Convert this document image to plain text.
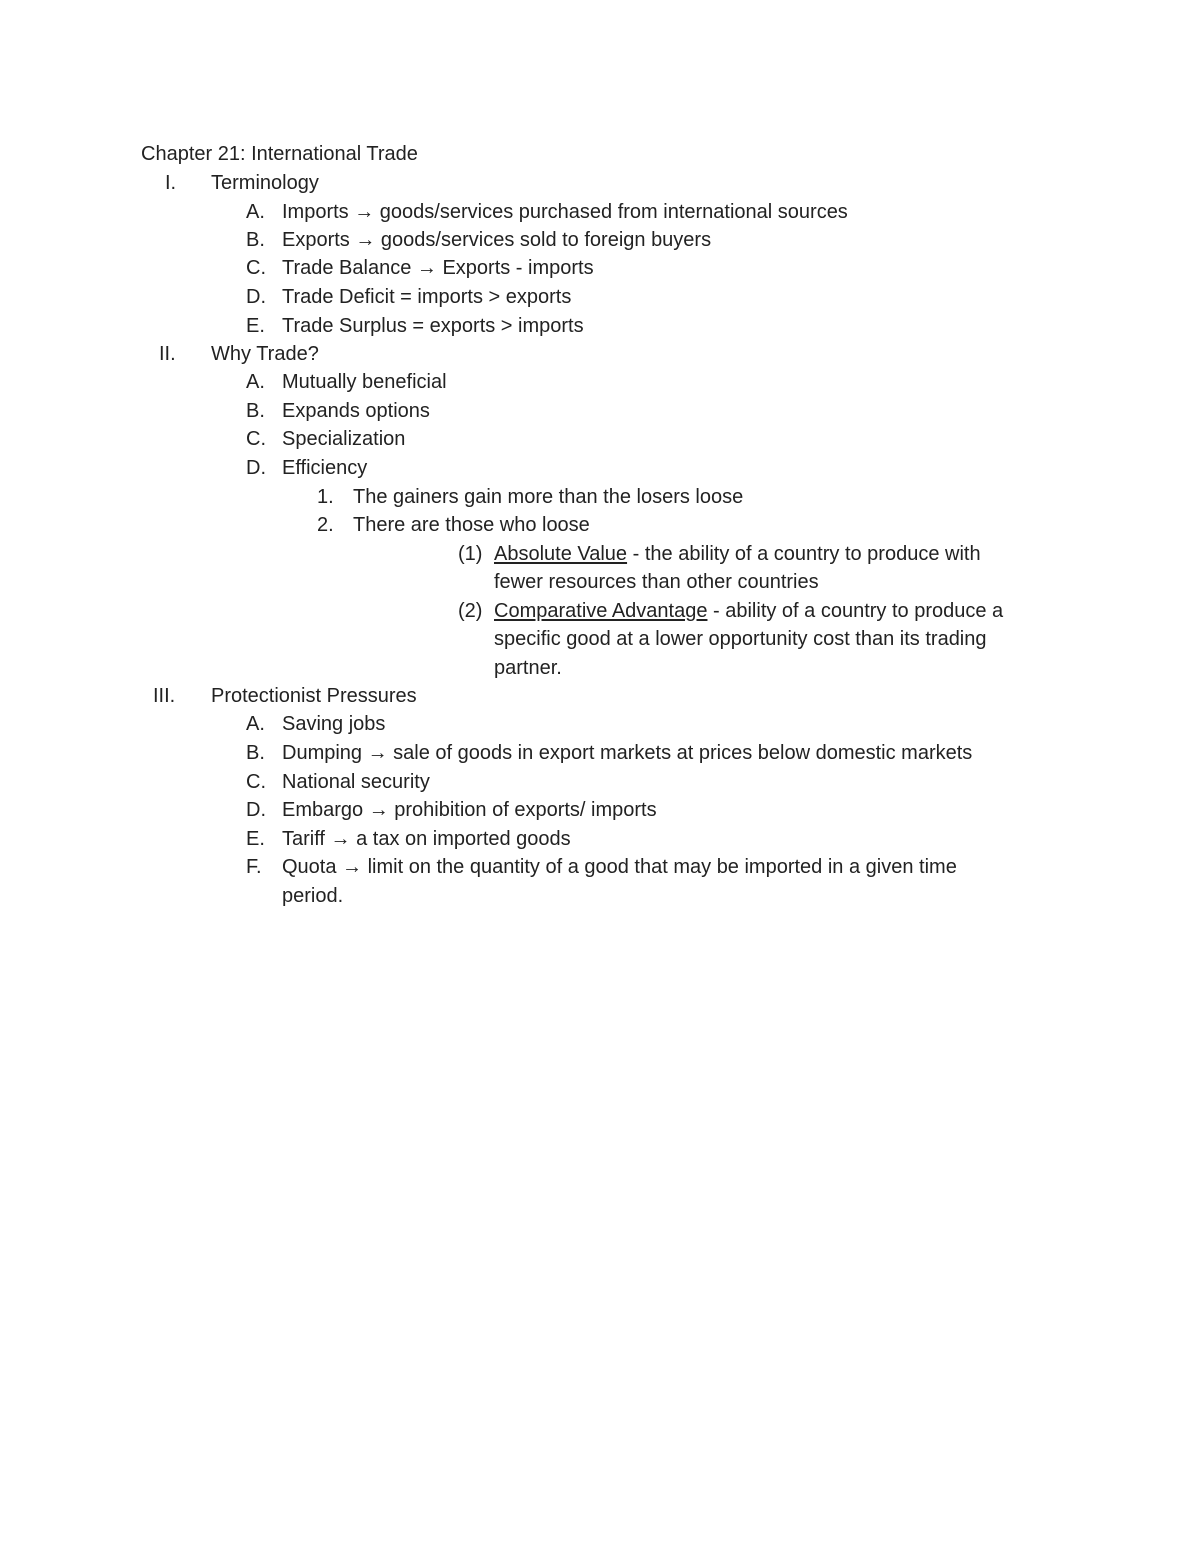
Chapter 21: International Trade
I. Terminology
A. Imports → goods/services purchased from international sources
B. Exports → goods/services sold to foreign buyers
C. Trade Balance → Exports - imports
D. Trade Deficit = imports > exports
E. Trade Surplus = exports > imports
II. Why Trade?
A. Mutually beneficial
B. Expands options
C. Specialization
D. Efficiency
1. The gainers gain more than the losers loose
2. There are those who loose
(1) Absolute Value - the ability of a country to produce with
fewer resources than other countries
(2) Comparative Advantage - ability of a country to produce a
specific good at a lower opportunity cost than its trading
partner.
III. Protectionist Pressures
A. Saving jobs
B. Dumping → sale of goods in export markets at prices below domestic markets
C. National security
D. Embargo → prohibition of exports/ imports
E. Tariff → a tax on imported goods
F. Quota → limit on the quantity of a good that may be imported in a given time
period.
